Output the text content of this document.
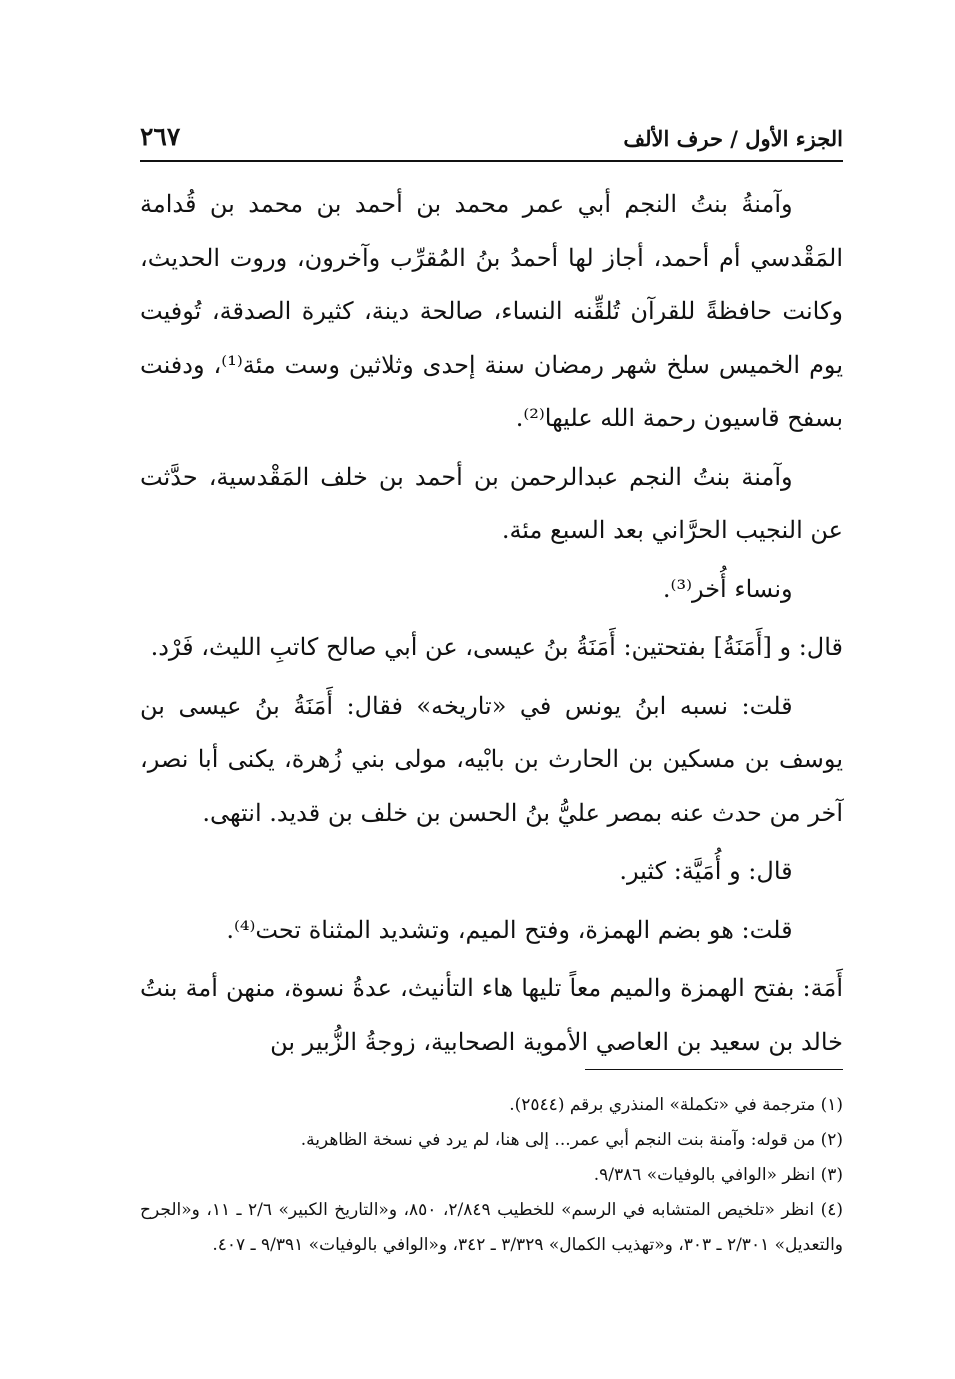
الجزء الأول / حرف الألف
٢٦٧

وآمنةُ بنتُ النجم أبي عمر محمد بن أحمد بن محمد بن قُدامة المَقْدسي أم أحمد، أجاز لها أحمدُ بنُ المُقرِّب وآخرون، وروت الحديث، وكانت حافظةً للقرآن تُلقِّنه النساء، صالحة دينة، كثيرة الصدقة، تُوفيت يوم الخميس سلخ شهر رمضان سنة إحدى وثلاثين وست مئة⁽¹⁾، ودفنت بسفح قاسيون رحمة الله عليها⁽²⁾.

وآمنة بنتُ النجم عبدالرحمن بن أحمد بن خلف المَقْدسية، حدَّثت عن النجيب الحرَّاني بعد السبع مئة.

ونساء أُخر⁽³⁾.

قال: و [أَمَنَةُ] بفتحتين: أَمَنَةُ بنُ عيسى، عن أبي صالح كاتبِ الليث، فَرْد.

قلت: نسبه ابنُ يونس في «تاريخه» فقال: أَمَنَةُ بنُ عيسى بن يوسف بن مسكين بن الحارث بن بابْيه، مولى بني زُهرة، يكنى أبا نصر، آخر من حدث عنه بمصر عليُّ بنُ الحسن بن خلف بن قديد. انتهى.

قال: و أُمَيَّة: كثير.

قلت: هو بضم الهمزة، وفتح الميم، وتشديد المثناة تحت⁽⁴⁾.

أَمَة: بفتح الهمزة والميم معاً تليها هاء التأنيث، عدةُ نسوة، منهن أمة بنتُ خالد بن سعيد بن العاصي الأموية الصحابية، زوجةُ الزُّبير بن

(١) مترجمة في «تكملة» المنذري برقم (٢٥٤٤).

(٢) من قوله: وآمنة بنت النجم أبي عمر... إلى هنا، لم يرد في نسخة الظاهرية.

(٣) انظر «الوافي بالوفيات» ٩/٣٨٦.

(٤) انظر «تلخيص المتشابه في الرسم» للخطيب ٢/٨٤٩، ٨٥٠، و«التاريخ الكبير» ٢/٦ ـ ١١، و«الجرح والتعديل» ٢/٣٠١ ـ ٣٠٣، و«تهذيب الكمال» ٣/٣٢٩ ـ ٣٤٢، و«الوافي بالوفيات» ٩/٣٩١ ـ ٤٠٧.
